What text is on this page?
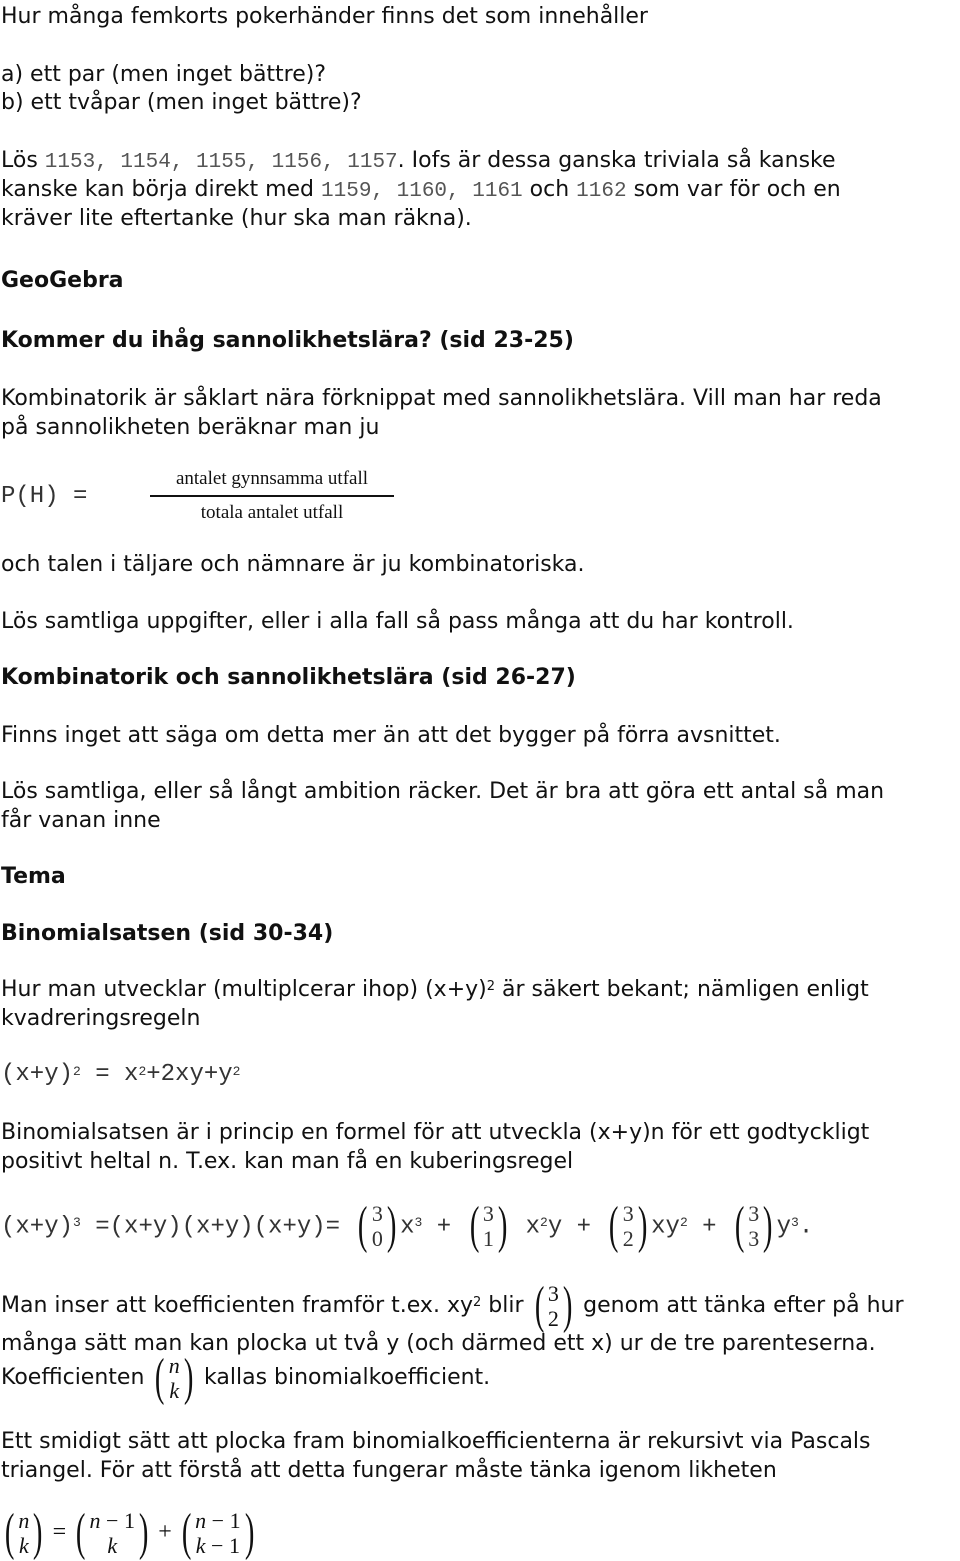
Hur många femkorts pokerhänder finns det som innehåller
a) ett par (men inget bättre)?
b) ett tvåpar (men inget bättre)?
Lös 1153, 1154, 1155, 1156, 1157. Iofs är dessa ganska triviala så kanske
kanske kan börja direkt med 1159, 1160, 1161 och 1162 som var för och en
kräver lite eftertanke (hur ska man räkna).
GeoGebra
Kommer du ihåg sannolikhetslära? (sid 23-25)
Kombinatorik är såklart nära förknippat med sannolikhetslära. Vill man har reda
på sannolikheten beräknar man ju
P(H) =
antalet gynnsamma utfall
totala antalet utfall
och talen i täljare och nämnare är ju kombinatoriska.
Lös samtliga uppgifter, eller i alla fall så pass många att du har kontroll.
Kombinatorik och sannolikhetslära (sid 26-27)
Finns inget att säga om detta mer än att det bygger på förra avsnittet.
Lös samtliga, eller så långt ambition räcker. Det är bra att göra ett antal så man
får vanan inne
Tema
Binomialsatsen (sid 30-34)
Hur man utvecklar (multiplcerar ihop) $(x+y)^2$ är säkert bekant; nämligen enligt
kvadreringsregeln
$(x+y)^2 = x^2+2xy+y^2$
Binomialsatsen är i princip en formel för att utveckla (x+y)n för ett godtyckligt
positivt heltal n. T.ex. kan man få en kuberingsregel
$(x+y)^3 =(x+y)(x+y)(x+y)=$ ( 3
0 ) $x^3$ + ( 3
1 ) $x^2y$ + ( 3
2 ) $xy^2$ + ( 3
3 ) $y^3$.
Man inser att koefficienten framför t.ex. $xy^2$ blir ( 3
2 ) genom att tänka efter på hur
många sätt man kan plocka ut två y (och därmed ett x) ur de tre parenteserna.
Koefficienten ( n
k ) kallas binomialkoefficient.
Ett smidigt sätt att plocka fram binomialkoefficienterna är rekursivt via Pascals
triangel. För att förstå att detta fungerar måste tänka igenom likheten
( n
k ) = ( n − 1
k ) + ( n − 1
k − 1 )
